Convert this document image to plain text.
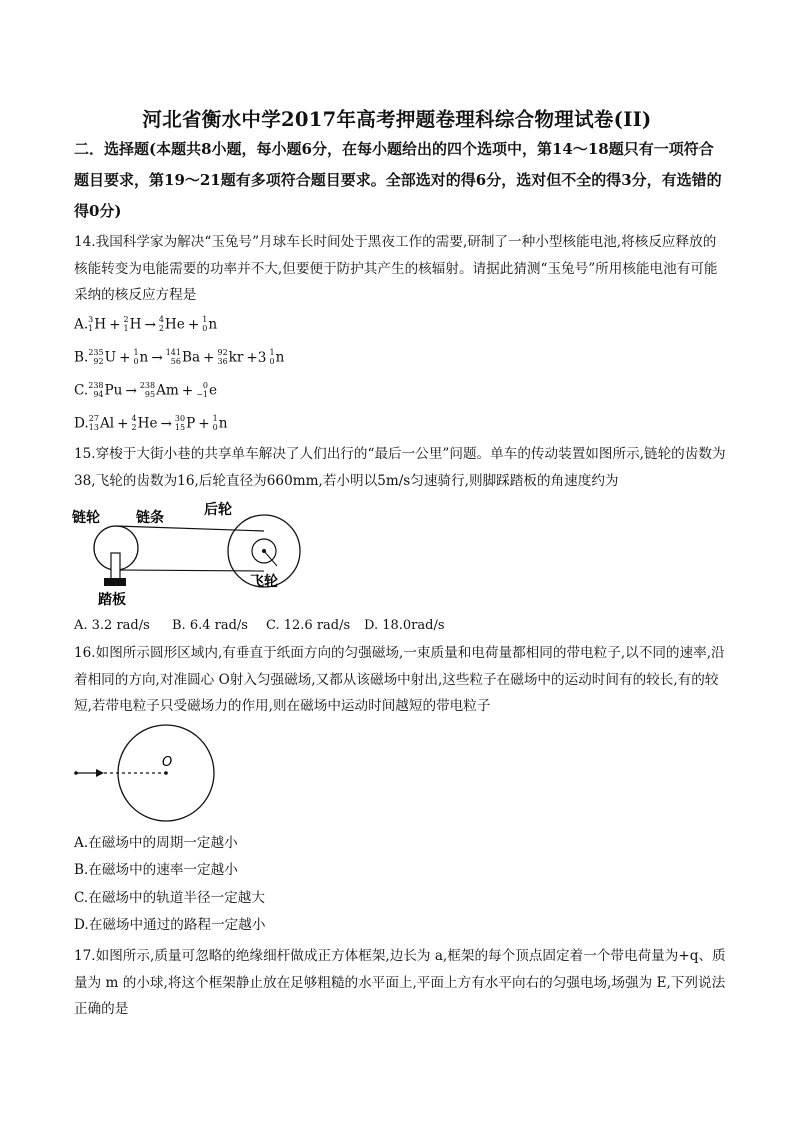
河北省衡水中学2017年高考押题卷理科综合物理试卷(II)
二．选择题(本题共8小题，每小题6分，在每小题给出的四个选项中，第14～18题只有一项符合题目要求，第19～21题有多项符合题目要求。全部选对的得6分，选对但不全的得3分，有选错的得0分)
14.我国科学家为解决“玉兔号”月球车长时间处于黑夜工作的需要,研制了一种小型核能电池,将核反应释放的核能转变为电能需要的功率并不大,但要便于防护其产生的核辐射。请据此猜测“玉兔号”所用核能电池有可能采纳的核反应方程是
A. 3
1 H + 2
1 H → 4
2 He + 1
0 n
B. 235
92 U + 1
0 n → 141
56 Ba + 92
36 kr +3 1
0 n
C. 238
94 Pu → 238
95 Am +	0
−1 e
D. 27
13 Al + 4
2 He → 30
15 P + 1
0 n
15.穿梭于大街小巷的共享单车解决了人们出行的“最后一公里”问题。单车的传动装置如图所示,链轮的齿数为38,飞轮的齿数为16,后轮直径为660mm,若小明以5m/s匀速骑行,则脚踩踏板的角速度约为
链轮	链条	后轮
踏板
飞轮
A. 3.2 rad/s B. 6.4 rad/s C. 12.6 rad/s D. 18.0rad/s
16.如图所示圆形区域内,有垂直于纸面方向的匀强磁场,一束质量和电荷量都相同的带电粒子,以不同的速率,沿着相同的方向,对准圆心 O射入匀强磁场,又都从该磁场中射出,这些粒子在磁场中的运动时间有的较长,有的较短,若带电粒子只受磁场力的作用,则在磁场中运动时间越短的带电粒子
O
A.在磁场中的周期一定越小
B.在磁场中的速率一定越小
C.在磁场中的轨道半径一定越大
D.在磁场中通过的路程一定越小
17.如图所示,质量可忽略的绝缘细杆做成正方体框架,边长为 a,框架的每个顶点固定着一个带电荷量为+q、质量为 m 的小球,将这个框架静止放在足够粗糙的水平面上,平面上方有水平向右的匀强电场,场强为 E,下列说法正确的是
